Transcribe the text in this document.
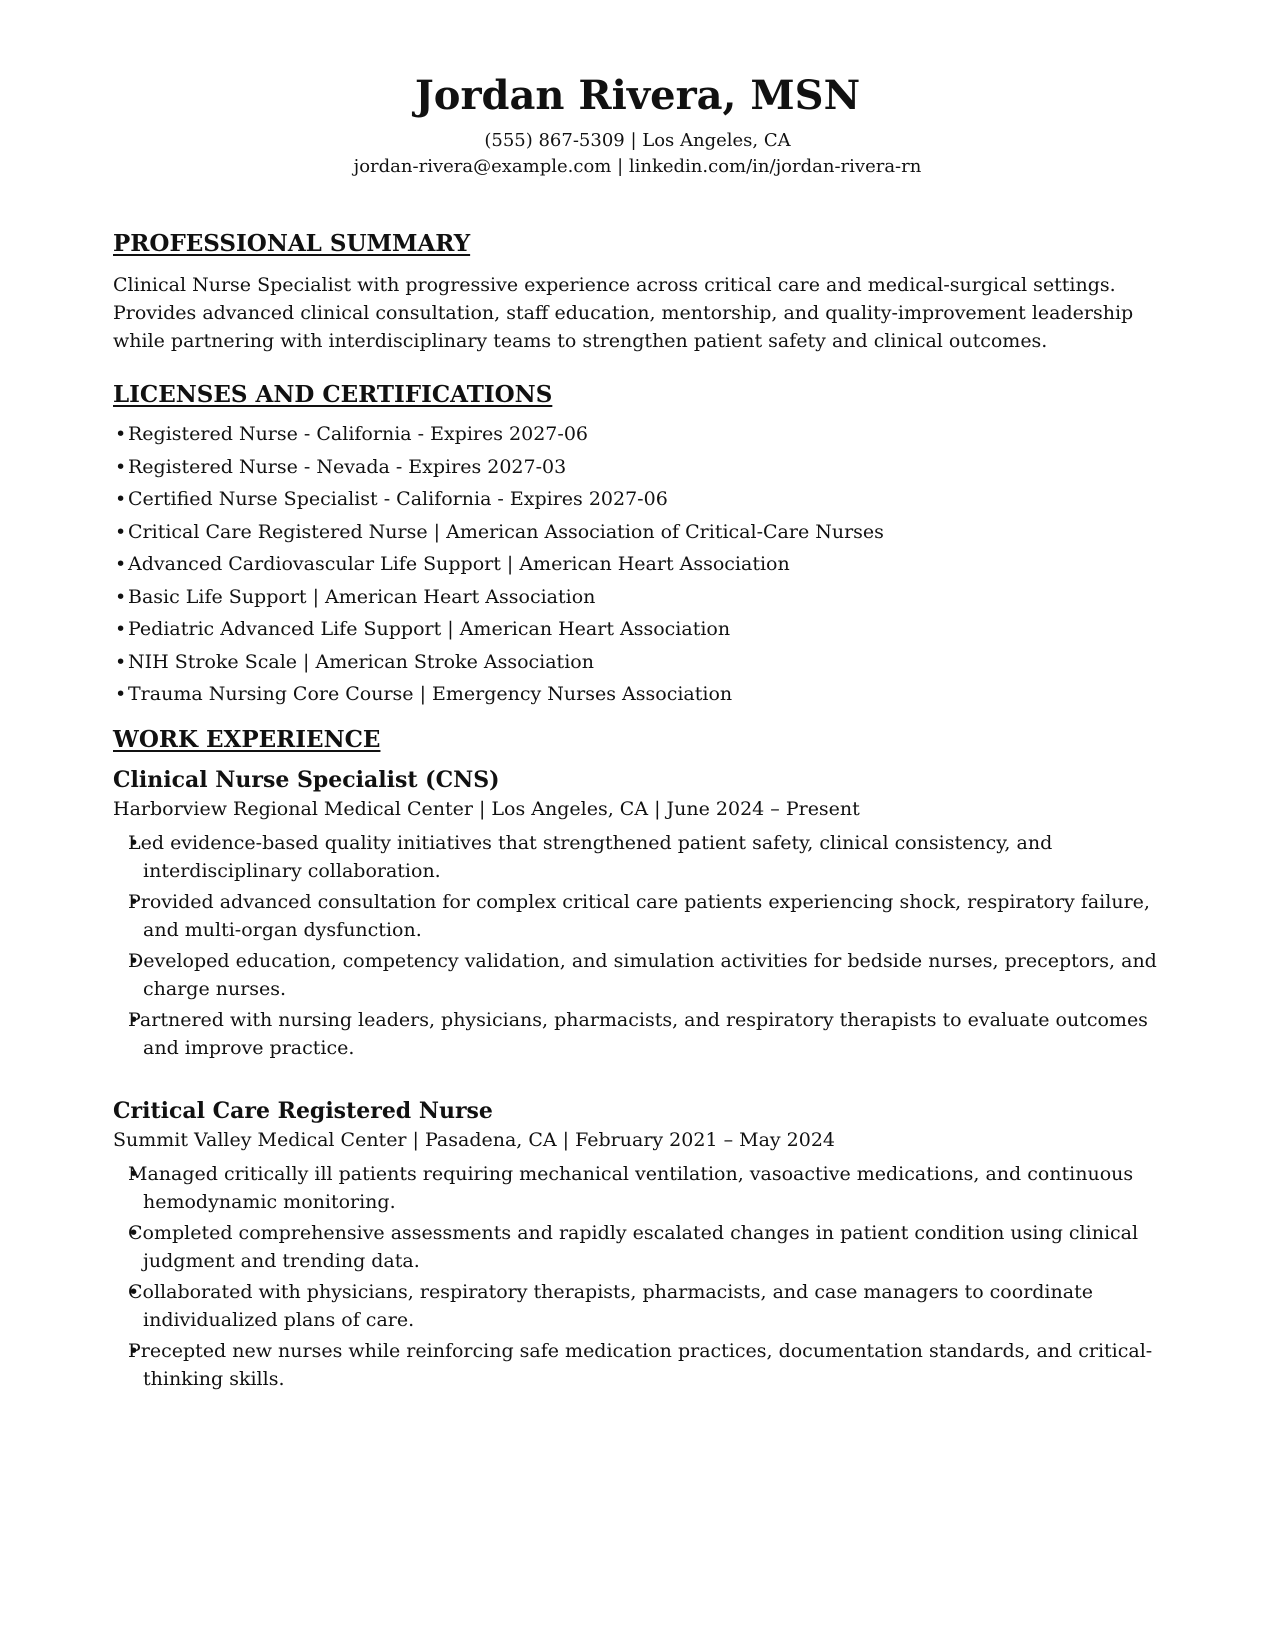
Jordan Rivera, MSN

(555) 867-5309 | Los Angeles, CA

jordan-rivera@example.com | linkedin.com/in/jordan-rivera-rn

PROFESSIONAL SUMMARY

Clinical Nurse Specialist with progressive experience across critical care and medical-surgical settings. Provides advanced clinical consultation, staff education, mentorship, and quality-improvement leadership while partnering with interdisciplinary teams to strengthen patient safety and clinical outcomes.

LICENSES AND CERTIFICATIONS
• Registered Nurse - California - Expires 2027-06
• Registered Nurse - Nevada - Expires 2027-03
• Certified Nurse Specialist - California - Expires 2027-06
• Critical Care Registered Nurse | American Association of Critical-Care Nurses
• Advanced Cardiovascular Life Support | American Heart Association
• Basic Life Support | American Heart Association
• Pediatric Advanced Life Support | American Heart Association
• NIH Stroke Scale | American Stroke Association
• Trauma Nursing Core Course | Emergency Nurses Association
WORK EXPERIENCE
Clinical Nurse Specialist (CNS)

Harborview Regional Medical Center | Los Angeles, CA | June 2024 – Present

• Led evidence-based quality initiatives that strengthened patient safety, clinical consistency, and interdisciplinary collaboration.
• Provided advanced consultation for complex critical care patients experiencing shock, respiratory failure, and multi-organ dysfunction.
• Developed education, competency validation, and simulation activities for bedside nurses, preceptors, and charge nurses.
• Partnered with nursing leaders, physicians, pharmacists, and respiratory therapists to evaluate outcomes and improve practice.
Critical Care Registered Nurse

Summit Valley Medical Center | Pasadena, CA | February 2021 – May 2024

• Managed critically ill patients requiring mechanical ventilation, vasoactive medications, and continuous hemodynamic monitoring.
• Completed comprehensive assessments and rapidly escalated changes in patient condition using clinical judgment and trending data.
• Collaborated with physicians, respiratory therapists, pharmacists, and case managers to coordinate individualized plans of care.
• Precepted new nurses while reinforcing safe medication practices, documentation standards, and critical-thinking skills.
